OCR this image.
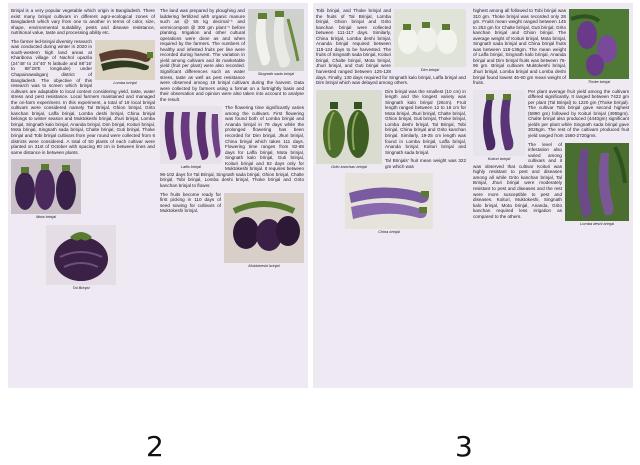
Brinjal is a very popular vegetable which origin is Bangladesh. There exist many brinjal cultivars in different agro-ecological zones of Bangladesh which vary from one to another in terms of color, size, shape, environmental suitability, pests and disease resistance, nutritional value, taste and processing ability etc.

Lomba brinjal

The farmer led-brinjal diversity research was conducted during winter in 2020 in south-western high land areas at Kharibona village of Nachol upazila (24°48' to 24°40' N latitude and 88°16' to 88°28'E longitude) under Chapainawabganj district of Bangladesh. The objective of this research was to screen which brinjal cultivars are adaptable to local context considering yield, taste, water stress and pest resistance. Local farmers maintained and managed the on-farm experiment. In this experiment, a total of 19 local brinjal cultivars were considered namely Tal Brinjal, Ghion brinjal, Grito kanchan brinjal, Laffa brinjal, Lomba deshi brinjal, China brinjal belongs to winter season and Muktokeshi brinjal, Jhuri brinjal, Lomba brinjal, Singnath kalo brinjal, Ananda brinjal, Dim brinjal, Koituri brinjal, Mota brinjal, Singnath sada brinjal, Chalte brinjal, Guti brinjal, Thoke brinjal and Tobi brinjal cultivars from year round were collected from 6 districts were considered. A total of 50 plants of each cultivar were planted on 31st of October with spacing 90 cm in between lines and same distance in between plants.

Mota brinjal
Tal Brinjal
Singnath sada brinjal

The land was prepared by ploughing and laddering fertilized with organic manure such as @ 55 kg decimal⁻¹ and vermicompost @ 300 gm plant⁻¹ before planting. Irrigation and other cultural operations were done as and when required by the farmers. The numbers of healthy and infested fruits per line were recorded during harvest. The variation in yield among cultivars and its marketable yield (fruit per plant) were also recorded. Significant differences such as water stress, taste as well as pest resistance were observed among 19 brinjal cultivars during the harvest. Data were collected by farmers using a format on a fortnightly basis and their observation and opinion were also taken into account to analyse the result.

Laffa brinjal

The flowering time significantly varies among the cultivars. First flowering was found both of Lomba brinjal and Ananda brinjal in 79 days while the prolonged flowering has been recorded for Dim brinjal, Jhuri brinjal, China brinjal which takes 111 days. Flowering time ranges from 82-88 days for Laffa brinjal, Mota brinjal, Singnath kalo brinjal, Guti brinjal, Koituri brinjal and 92 days only for Muktokeshi brinjal. It requires between 96-102 days for Tal Brinjal, Singnath sada brinjal, Ghion brinjal, Chalte brinjal, Tobi brinjal, Lomba deshi brinjal, Thoke brinjal and Grito kanchan brinjal to flower.

Muktokeshi brinjal

The fruits become ready for first picking in 110 days of seed sowing for cultivars of Muktokeshi brinjal,

Dim brinjal

Tobi brinjal, and Thoke brinjal and the fruits of Tal Brinjal, Lomba brinjal, Ghion brinjal and Grito kanchan brinjal were collected between 111-117 days. Similarly, China brinjal, Lomba deshi brinjal, Ananda brinjal required between 118-124 days to be harvested. The fruits of Singnath sada brinjal, Koituri brinjal, Chalte brinjal, Mota brinjal, Jhuri brinjal, and Guti brinjal were harvested ranged between 125-128 days. Finally, 130 days required for Singnath kalo brinjal, Laffa brinjal and Dim brinjal which was delayed among others.

Grito kanchan brinjal

Dim brinjal was the smallest (10 cm) in length and the longest variety was Singnath kalo brinjal (26cm). Fruit length ranged between 12 to 18 cm for Mota brinjal, Jhuri brinjal, Chalte brinjal, Ghion brinjal, Guti brinjal, Thoke brinjal, Lomba deshi brinjal, Tal Brinjal, Tobi brinjal, China brinjal and Grito kanchan brinjal. Similarly, 19-25 cm length was found in Lomba brinjal, Laffa brinjal, Ananda brinjal, Koituri brinjal and Singnath sada brinjal.

Tal Brinjals' fruit mean weight was 322 gm which was

China brinjal
Thoke brinjal

highest among all followed to Tobi brinjal was 310 gm. Thoke brinjal was recorded only 28 gm. Fruits mean weight ranged between 145 to 252 gm for Chalte brinjal, Guti brinjal, Grito kanchan brinjal and Ghion brinjal. The average weight of Koituri brinjal, Mota brinjal, Singnath sada brinjal and China brinjal fruits was between 118-135gm. The mean weight of Laffa brinjal, Singnath kalo brinjal, Ananda brinjal and Dim brinjal fruits was between 76-96 gm. Brinjal cultivars Muktokeshi brinjal, Jhuri brinjal, Lomba brinjal and Lomba deshi brinjal found lowest 46-60 gm mean weight of fruits.

Koituri brinjal

Per plant average fruit yield among the cultivars differed significantly. It ranged between 7422 gm per plant (Tal Brinjal) to 1220 gm (Thoke brinjal). The cultivar Tobi brinjal gave second highest (5890 gm) followed by Koituri brinjal (4955gm). Chalte brinjal also produced (4440gm) significant yields per plant while Singnath sada brinjal gave 3025gm. The rest of the cultivars produced fruit yield ranged from 1560-2720gms.

Lomba deshi brinjal

The level of infestation also varied among cultivars and it was observed that cultivar Koituri was highly resistant to pest and diseases among all while Grito kanchan brinjal, Tal Brinjal, Jhuri brinjal were moderately resistant to pest and diseases and the rest were more susceptible to pest and diseases. Koituri, Muktokeshi, Singnath kalo brinjal, Mota brinjal, Ananda, Grito kanchan required less irrigation as compared to the others.

2	3
